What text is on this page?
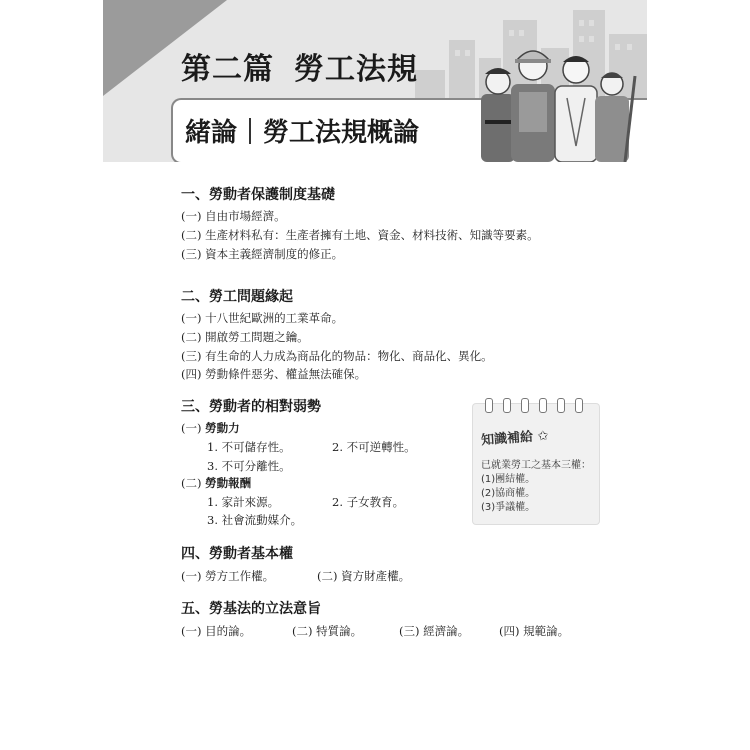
第二篇 勞工法規
緒論 勞工法規概論
一、勞動者保護制度基礎
(一) 自由市場經濟。
(二) 生產材料私有：生產者擁有土地、資金、材料技術、知識等要素。
(三) 資本主義經濟制度的修正。
二、勞工問題緣起
(一) 十八世紀歐洲的工業革命。
(二) 開啟勞工問題之鑰。
(三) 有生命的人力成為商品化的物品：物化、商品化、異化。
(四) 勞動條件惡劣、權益無法確保。
三、勞動者的相對弱勢
(一) 勞動力
1. 不可儲存性。	2. 不可逆轉性。
3. 不可分離性。
(二) 勞動報酬
1. 家計來源。	2. 子女教育。
3. 社會流動媒介。
四、勞動者基本權
(一) 勞方工作權。	(二) 資方財產權。
五、勞基法的立法意旨
(一) 目的論。	(二) 特質論。	(三) 經濟論。	(四) 規範論。
知識補給 ✩
已就業勞工之基本三權：
(1)團結權。
(2)協商權。
(3)爭議權。
